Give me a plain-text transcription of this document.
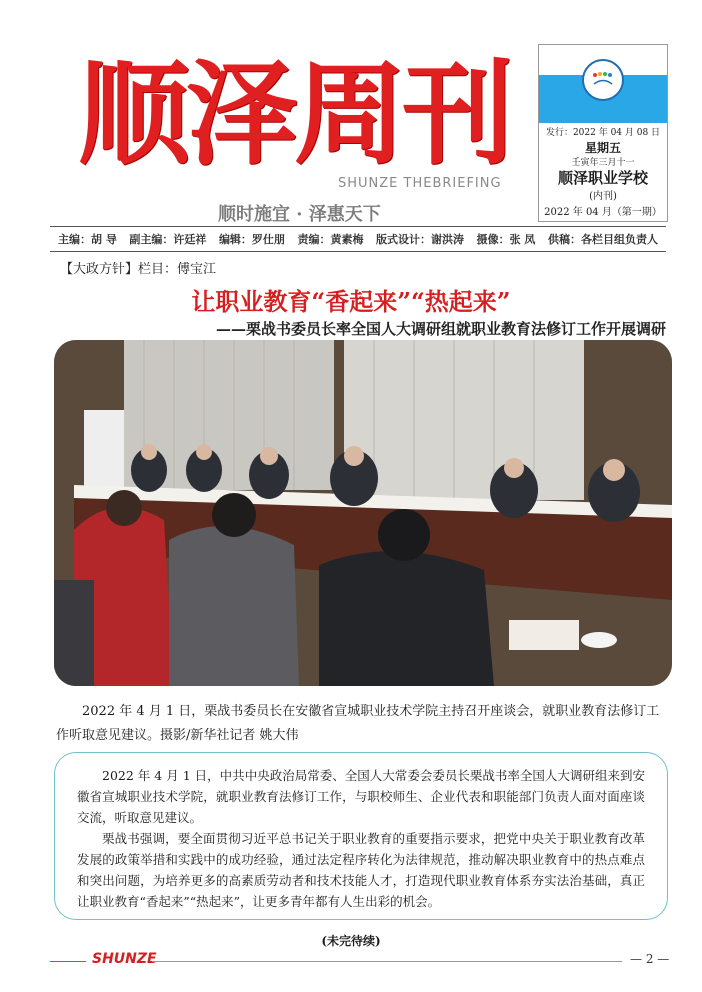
顺泽周刊
SHUNZE THEBRIEFING
顺时施宜 · 泽惠天下
发行：2022 年 04 月 08 日
星期五
壬寅年三月十一
顺泽职业学校
(内刊)
2022 年 04 月（第一期）
主编：胡 导 副主编：许廷祥 编辑：罗仕朋 责编：黄素梅 版式设计：谢洪涛 摄像：张 凤 供稿：各栏目组负责人
【大政方针】栏目：傅宝江
让职业教育“香起来”“热起来”
——栗战书委员长率全国人大调研组就职业教育法修订工作开展调研
2022 年 4 月 1 日，栗战书委员长在安徽省宣城职业技术学院主持召开座谈会，就职业教育法修订工作听取意见建议。摄影/新华社记者 姚大伟

2022 年 4 月 1 日，中共中央政治局常委、全国人大常委会委员长栗战书率全国人大调研组来到安徽省宣城职业技术学院，就职业教育法修订工作，与职校师生、企业代表和职能部门负责人面对面座谈交流，听取意见建议。

栗战书强调，要全面贯彻习近平总书记关于职业教育的重要指示要求，把党中央关于职业教育改革发展的政策举措和实践中的成功经验，通过法定程序转化为法律规范，推动解决职业教育中的热点难点和突出问题，为培养更多的高素质劳动者和技术技能人才，打造现代职业教育体系夯实法治基础，真正让职业教育“香起来”“热起来”，让更多青年都有人生出彩的机会。

(未完待续)
SHUNZE	— 2 —
